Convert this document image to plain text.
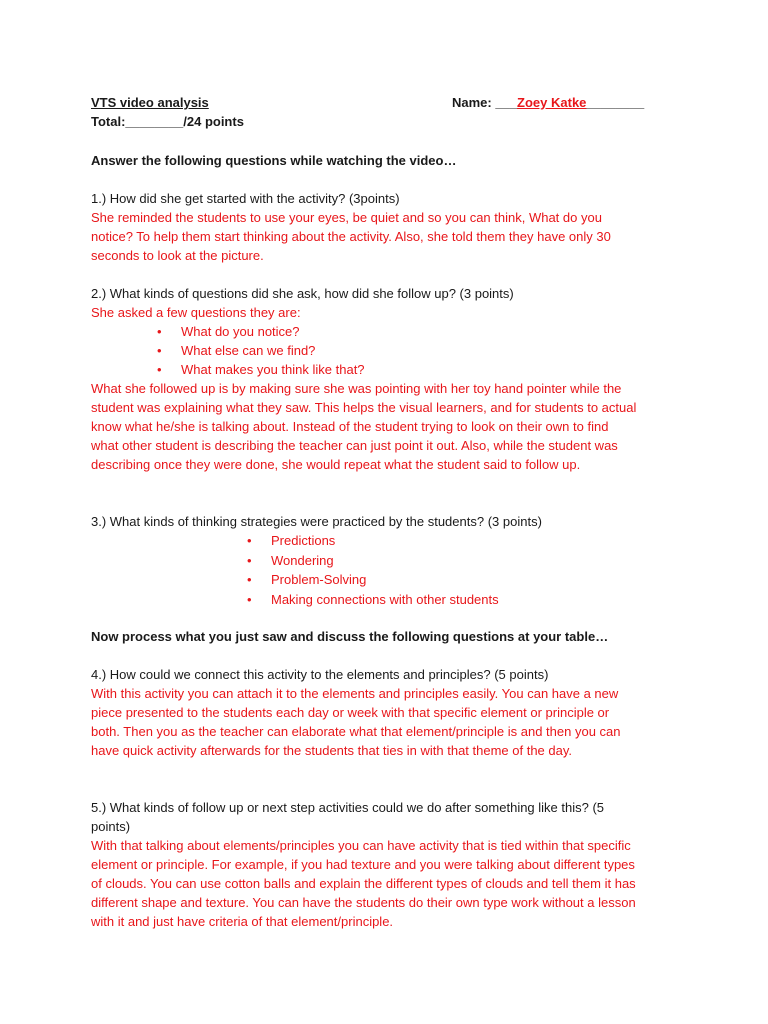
VTS video analysis	Name: ___Zoey Katke________
Total:________/24 points
Answer the following questions while watching the video…
1.) How did she get started with the activity? (3points)
She reminded the students to use your eyes, be quiet and so you can think, What do you
notice? To help them start thinking about the activity. Also, she told them they have only 30
seconds to look at the picture.
2.) What kinds of questions did she ask, how did she follow up? (3 points)
She asked a few questions they are:
• What do you notice?
• What else can we find?
• What makes you think like that?
What she followed up is by making sure she was pointing with her toy hand pointer while the
student was explaining what they saw. This helps the visual learners, and for students to actual
know what he/she is talking about. Instead of the student trying to look on their own to find
what other student is describing the teacher can just point it out. Also, while the student was
describing once they were done, she would repeat what the student said to follow up.
3.) What kinds of thinking strategies were practiced by the students? (3 points)
• Predictions
• Wondering
• Problem-Solving
• Making connections with other students
Now process what you just saw and discuss the following questions at your table…
4.) How could we connect this activity to the elements and principles? (5 points)
With this activity you can attach it to the elements and principles easily. You can have a new
piece presented to the students each day or week with that specific element or principle or
both. Then you as the teacher can elaborate what that element/principle is and then you can
have quick activity afterwards for the students that ties in with that theme of the day.
5.) What kinds of follow up or next step activities could we do after something like this? (5
points)
With that talking about elements/principles you can have activity that is tied within that specific
element or principle. For example, if you had texture and you were talking about different types
of clouds. You can use cotton balls and explain the different types of clouds and tell them it has
different shape and texture. You can have the students do their own type work without a lesson
with it and just have criteria of that element/principle.
